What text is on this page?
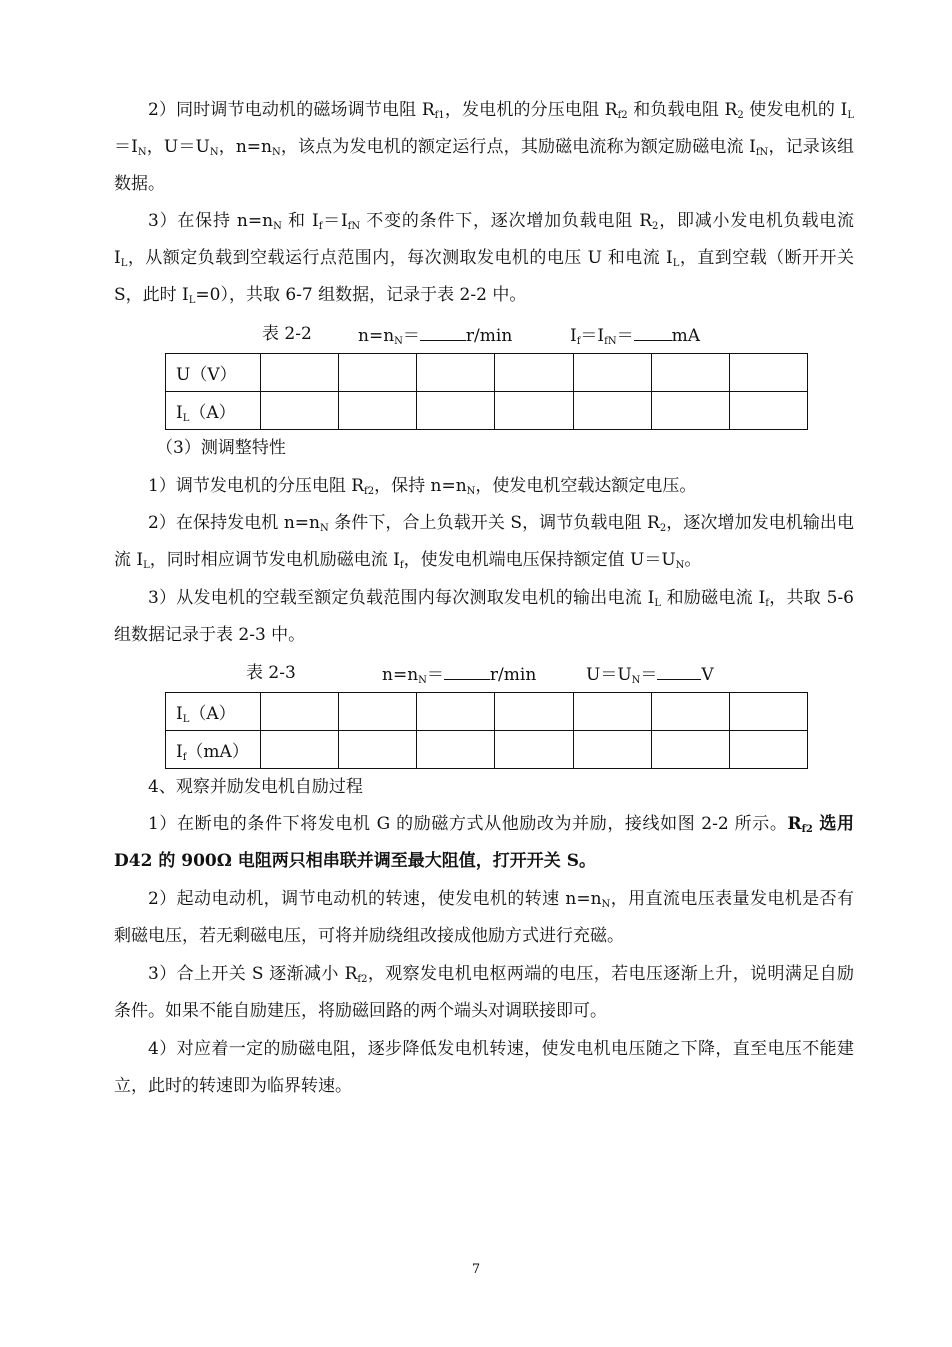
2）同时调节电动机的磁场调节电阻 $R_{f1}$，发电机的分压电阻 $R_{f2}$ 和负载电阻 $R_2$ 使发电机的 $I_L=I_N$，$U=U_N$，$n=n_N$，该点为发电机的额定运行点，其励磁电流称为额定励磁电流 $I_{fN}$，记录该组数据。

3）在保持 $n=n_N$ 和 $I_f=I_{fN}$ 不变的条件下，逐次增加负载电阻 $R_2$，即减小发电机负载电流 $I_L$，从额定负载到空载运行点范围内，每次测取发电机的电压 U 和电流 $I_L$，直到空载（断开开关 S，此时 $I_L=0$），共取 6-7 组数据，记录于表 2-2 中。

表 2-2	$n=n_N=$	r/min	$I_f=I_{fN}=$ mA
U（V）							
$I_L(A)$							
（3）测调整特性
1）调节发电机的分压电阻 $R_{f2}$，保持 $n=n_N$，使发电机空载达额定电压。

2）在保持发电机 $n=n_N$ 条件下，合上负载开关 S，调节负载电阻 $R_2$，逐次增加发电机输出电流 $I_L$，同时相应调节发电机励磁电流 $I_f$，使发电机端电压保持额定值 $U=U_N$。

3）从发电机的空载至额定负载范围内每次测取发电机的输出电流 $I_L$ 和励磁电流 $I_f$，共取 5-6 组数据记录于表 2-3 中。

表 2-3	$n=n_N=$	r/min	$U=U_N=$	V
$I_L(A)$							
$I_f(mA)$							
4、观察并励发电机自励过程

1）在断电的条件下将发电机 G 的励磁方式从他励改为并励，接线如图 2-2 所示。$R_{f2}$ 选用 D42 的 900Ω 电阻两只相串联并调至最大阻值，打开开关 S。

2）起动电动机，调节电动机的转速，使发电机的转速 $n=n_N$，用直流电压表量发电机是否有剩磁电压，若无剩磁电压，可将并励绕组改接成他励方式进行充磁。

3）合上开关 S 逐渐减小 $R_{f2}$，观察发电机电枢两端的电压，若电压逐渐上升，说明满足自励条件。如果不能自励建压，将励磁回路的两个端头对调联接即可。

4）对应着一定的励磁电阻，逐步降低发电机转速，使发电机电压随之下降，直至电压不能建立，此时的转速即为临界转速。

7
